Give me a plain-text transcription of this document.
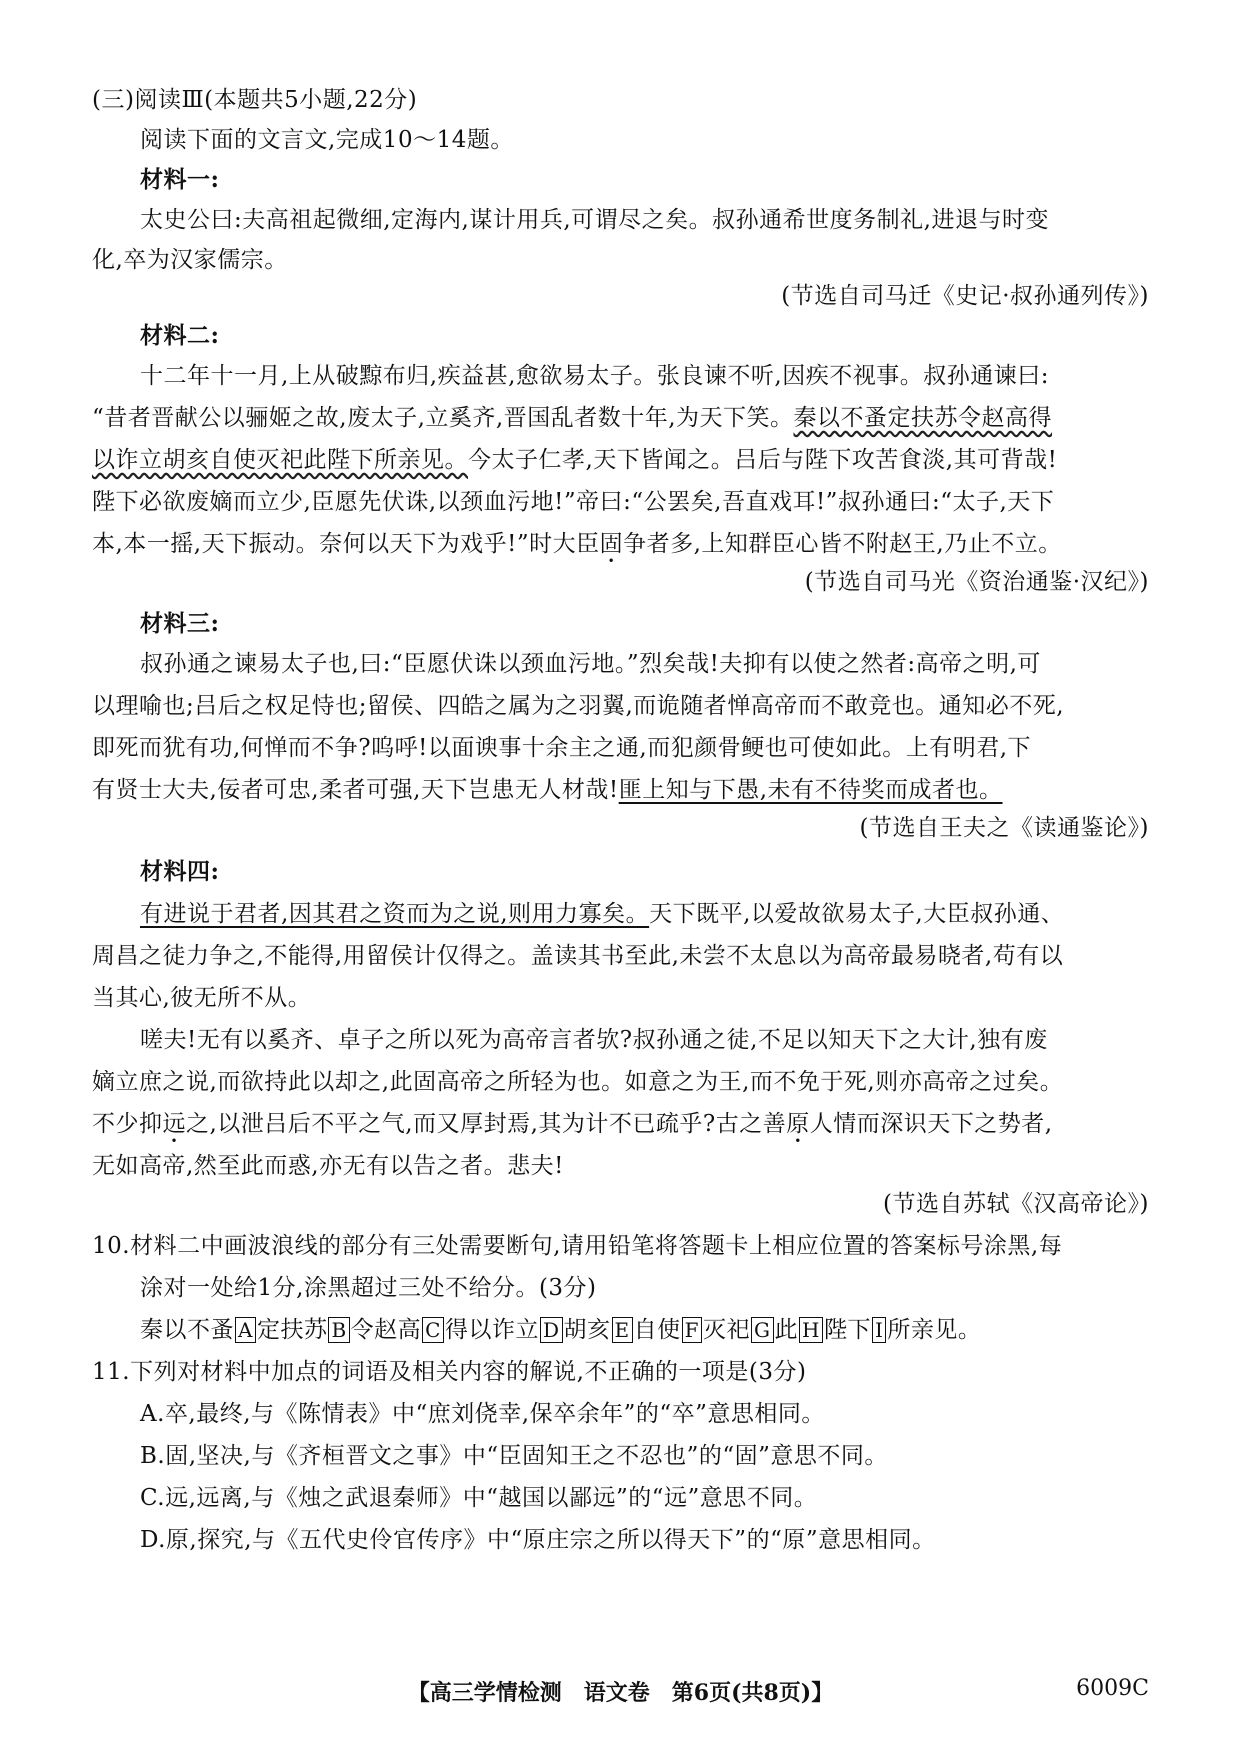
(三)阅读Ⅲ(本题共5小题,22分)
阅读下面的文言文,完成10～14题。
材料一:
太史公曰:夫高祖起微细,定海内,谋计用兵,可谓尽之矣。叔孙通希世度务制礼,进退与时变
化,卒为汉家儒宗。
(节选自司马迁《史记·叔孙通列传》)
材料二:
十二年十一月,上从破黥布归,疾益甚,愈欲易太子。张良谏不听,因疾不视事。叔孙通谏曰:
“昔者晋献公以骊姬之故,废太子,立奚齐,晋国乱者数十年,为天下笑。秦以不蚤定扶苏令赵高得
以诈立胡亥自使灭祀此陛下所亲见。今太子仁孝,天下皆闻之。吕后与陛下攻苦食淡,其可背哉!
陛下必欲废嫡而立少,臣愿先伏诛,以颈血污地!”帝曰:“公罢矣,吾直戏耳!”叔孙通曰:“太子,天下
本,本一摇,天下振动。奈何以天下为戏乎!”时大臣固争者多,上知群臣心皆不附赵王,乃止不立。
(节选自司马光《资治通鉴·汉纪》)
材料三:
叔孙通之谏易太子也,曰:“臣愿伏诛以颈血污地。”烈矣哉!夫抑有以使之然者:高帝之明,可
以理喻也;吕后之权足恃也;留侯、四皓之属为之羽翼,而诡随者惮高帝而不敢竞也。通知必不死,
即死而犹有功,何惮而不争?呜呼!以面谀事十余主之通,而犯颜骨鲠也可使如此。上有明君,下
有贤士大夫,佞者可忠,柔者可强,天下岂患无人材哉!匪上知与下愚,未有不待奖而成者也。
(节选自王夫之《读通鉴论》)
材料四:
有进说于君者,因其君之资而为之说,则用力寡矣。天下既平,以爱故欲易太子,大臣叔孙通、
周昌之徒力争之,不能得,用留侯计仅得之。盖读其书至此,未尝不太息以为高帝最易晓者,苟有以
当其心,彼无所不从。
嗟夫!无有以奚齐、卓子之所以死为高帝言者欤?叔孙通之徒,不足以知天下之大计,独有废
嫡立庶之说,而欲持此以却之,此固高帝之所轻为也。如意之为王,而不免于死,则亦高帝之过矣。
不少抑远之,以泄吕后不平之气,而又厚封焉,其为计不已疏乎?古之善原人情而深识天下之势者,
无如高帝,然至此而惑,亦无有以告之者。悲夫!
(节选自苏轼《汉高帝论》)
10.材料二中画波浪线的部分有三处需要断句,请用铅笔将答题卡上相应位置的答案标号涂黑,每
涂对一处给1分,涂黑超过三处不给分。(3分)
秦以不蚤 A 定扶苏 B 令赵高 C 得以诈立 D 胡亥 E 自使 F 灭祀 G 此 H 陛下 I 所亲见。
11.下列对材料中加点的词语及相关内容的解说,不正确的一项是(3分)
A.卒,最终,与《陈情表》中“庶刘侥幸,保卒余年”的“卒”意思相同。
B.固,坚决,与《齐桓晋文之事》中“臣固知王之不忍也”的“固”意思不同。
C.远,远离,与《烛之武退秦师》中“越国以鄙远”的“远”意思不同。
D.原,探究,与《五代史伶官传序》中“原庄宗之所以得天下”的“原”意思相同。
【高三学情检测　语文卷　第6页(共8页)】	6009C
